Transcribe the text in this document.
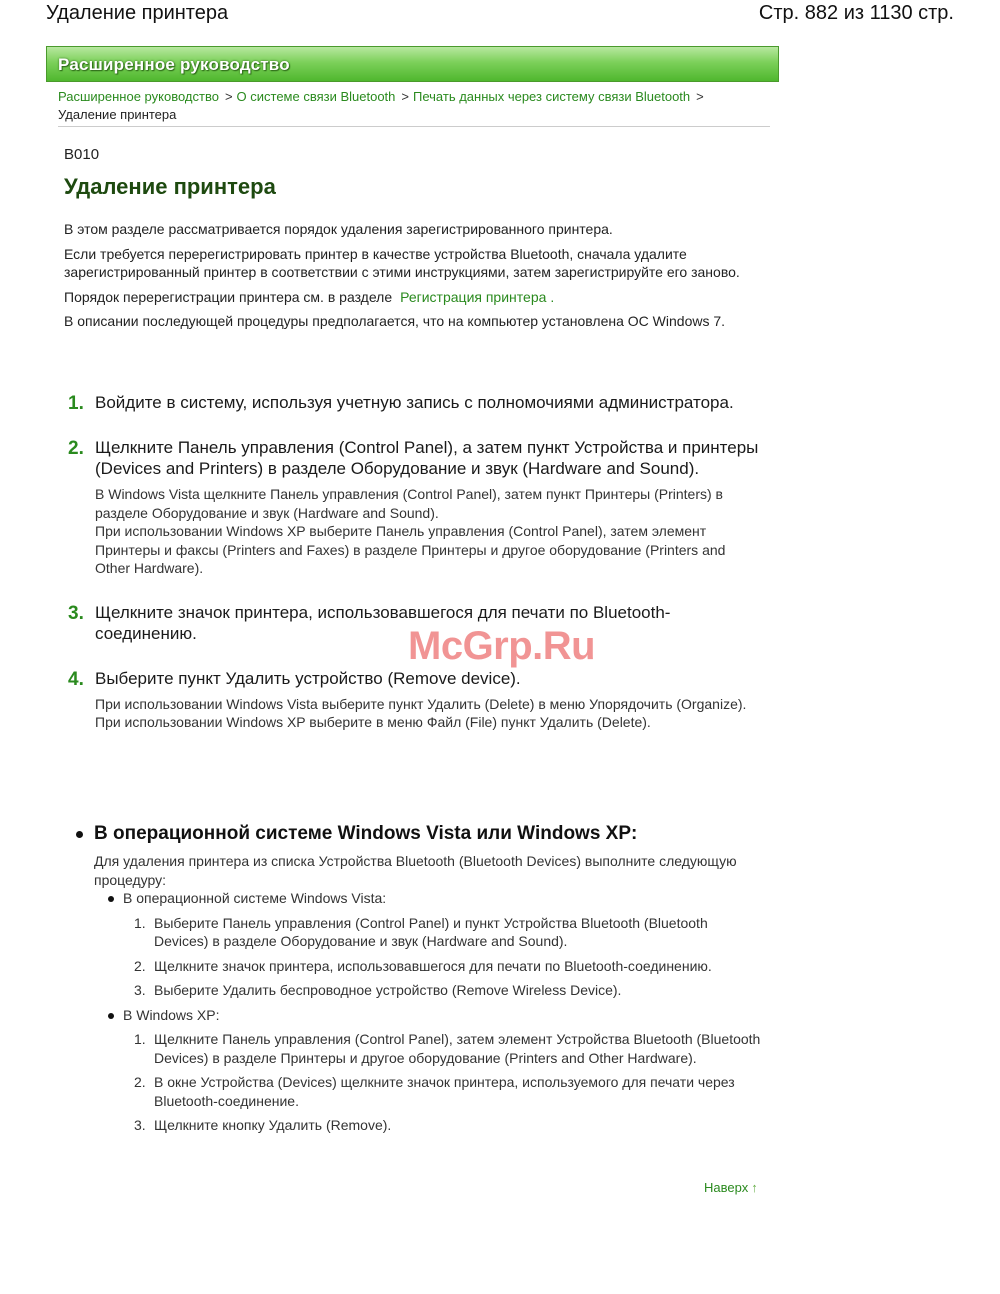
Удаление принтера	Стр. 882 из 1130 стр.
Расширенное руководство
Расширенное руководство > О системе связи Bluetooth > Печать данных через систему связи Bluetooth >
Удаление принтера
B010
Удаление принтера

В этом разделе рассматривается порядок удаления зарегистрированного принтера.

Если требуется перерегистрировать принтер в качестве устройства Bluetooth, сначала удалите зарегистрированный принтер в соответствии с этими инструкциями, затем зарегистрируйте его заново.

Порядок перерегистрации принтера см. в разделе Регистрация принтера .

В описании последующей процедуры предполагается, что на компьютер установлена ОС Windows 7.

1. Войдите в систему, используя учетную запись с полномочиями администратора.
2. Щелкните Панель управления (Control Panel), а затем пункт Устройства и принтеры (Devices and Printers) в разделе Оборудование и звук (Hardware and Sound).
В Windows Vista щелкните Панель управления (Control Panel), затем пункт Принтеры (Printers) в разделе Оборудование и звук (Hardware and Sound).
При использовании Windows XP выберите Панель управления (Control Panel), затем элемент Принтеры и факсы (Printers and Faxes) в разделе Принтеры и другое оборудование (Printers and Other Hardware).
3. Щелкните значок принтера, использовавшегося для печати по Bluetooth-соединению.
4. Выберите пункт Удалить устройство (Remove device).
При использовании Windows Vista выберите пункт Удалить (Delete) в меню Упорядочить (Organize).
При использовании Windows XP выберите в меню Файл (File) пункт Удалить (Delete).
В операционной системе Windows Vista или Windows XP:
Для удаления принтера из списка Устройства Bluetooth (Bluetooth Devices) выполните следующую процедуру:
В операционной системе Windows Vista:
1. Выберите Панель управления (Control Panel) и пункт Устройства Bluetooth (Bluetooth Devices) в разделе Оборудование и звук (Hardware and Sound).
2. Щелкните значок принтера, использовавшегося для печати по Bluetooth-соединению.
3. Выберите Удалить беспроводное устройство (Remove Wireless Device).
В Windows XP:
1. Щелкните Панель управления (Control Panel), затем элемент Устройства Bluetooth (Bluetooth Devices) в разделе Принтеры и другое оборудование (Printers and Other Hardware).
2. В окне Устройства (Devices) щелкните значок принтера, используемого для печати через Bluetooth-соединение.
3. Щелкните кнопку Удалить (Remove).
Наверх ↑
McGrp.Ru
